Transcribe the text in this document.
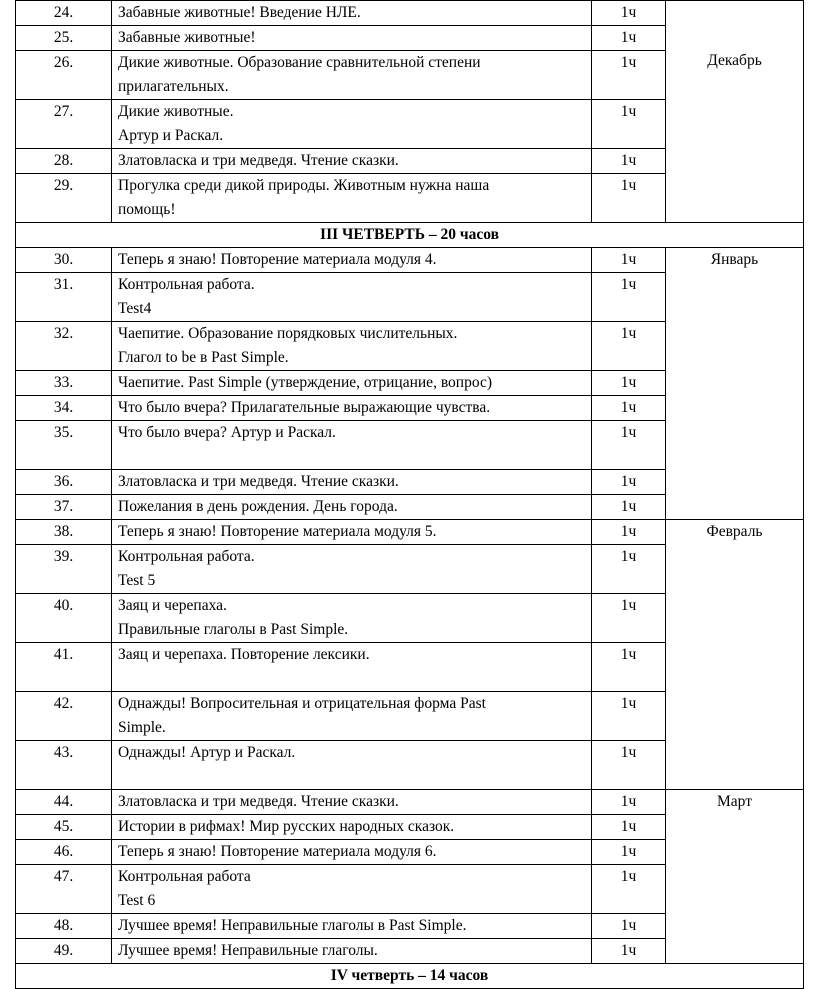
24.	Забавные животные! Введение НЛЕ.	1ч	Декабрь
25.	Забавные животные!	1ч	
26.	Дикие животные. Образование сравнительной степени
прилагательных.	1ч	
27.	Дикие животные.
Артур и Раскал.	1ч	
28.	Златовласка и три медведя. Чтение сказки.	1ч	
29.	Прогулка среди дикой природы. Животным нужна наша
помощь!	1ч	
III ЧЕТВЕРТЬ – 20 часов			
30.	Теперь я знаю! Повторение материала модуля 4.	1ч	Январь
31.	Контрольная работа.
Test4	1ч	
32.	Чаепитие. Образование порядковых числительных.
Глагол to be в Past Simple.	1ч	
33.	Чаепитие. Past Simple (утверждение, отрицание, вопрос)	1ч	
34.	Что было вчера? Прилагательные выражающие чувства.	1ч	
35.	Что было вчера? Артур и Раскал.	1ч	
36.	Златовласка и три медведя. Чтение сказки.	1ч	
37.	Пожелания в день рождения. День города.	1ч	
38.	Теперь я знаю! Повторение материала модуля 5.	1ч	Февраль
39.	Контрольная работа.
Test 5	1ч	
40.	Заяц и черепаха.
Правильные глаголы в Past Simple.	1ч	
41.	Заяц и черепаха. Повторение лексики.	1ч	
42.	Однажды! Вопросительная и отрицательная форма Past
Simple.	1ч	
43.	Однажды! Артур и Раскал.	1ч	
44.	Златовласка и три медведя. Чтение сказки.	1ч	Март
45.	Истории в рифмах! Мир русских народных сказок.	1ч	
46.	Теперь я знаю! Повторение материала модуля 6.	1ч	
47.	Контрольная работа
Test 6	1ч	
48.	Лучшее время! Неправильные глаголы в Past Simple.	1ч	
49.	Лучшее время! Неправильные глаголы.	1ч	
IV четверть – 14 часов			
